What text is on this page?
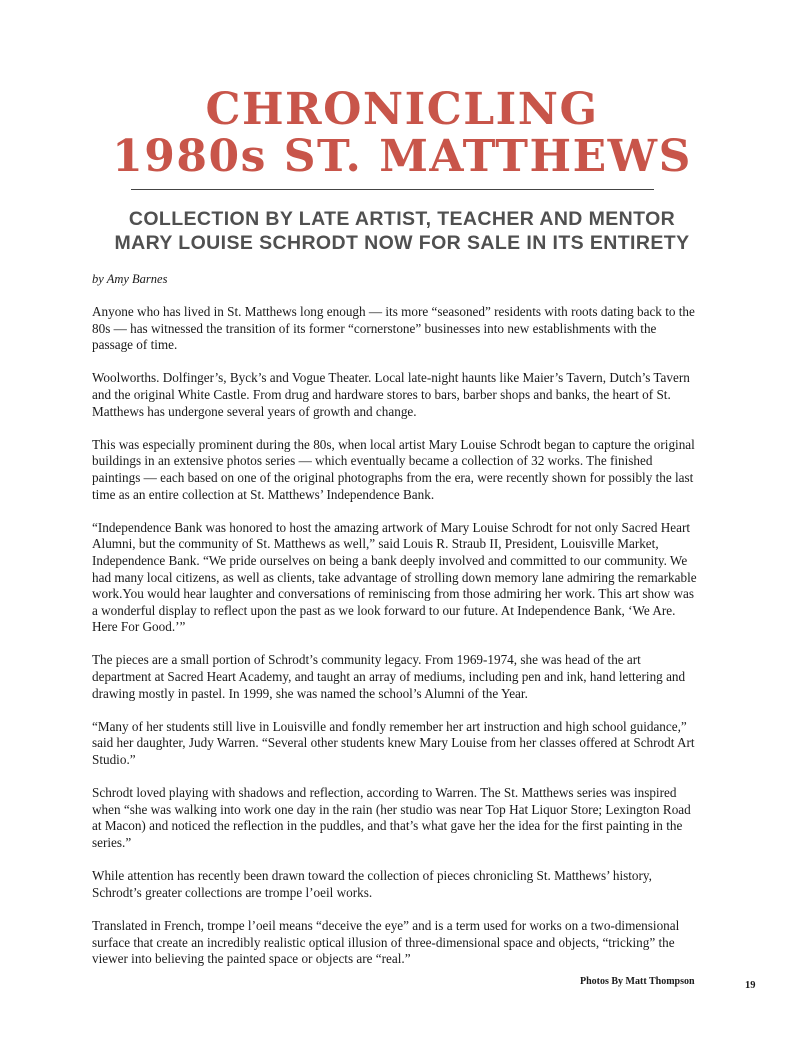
CHRONICLING
1980s ST. MATTHEWS
COLLECTION BY LATE ARTIST, TEACHER AND MENTOR
MARY LOUISE SCHRODT NOW FOR SALE IN ITS ENTIRETY

by Amy Barnes

Anyone who has lived in St. Matthews long enough — its more “seasoned” residents with roots dating back to the 80s — has witnessed the transition of its former “cornerstone” businesses into new establishments with the passage of time.

Woolworths. Dolfinger’s, Byck’s and Vogue Theater. Local late-night haunts like Maier’s Tavern, Dutch’s Tavern and the original White Castle. From drug and hardware stores to bars, barber shops and banks, the heart of St. Matthews has undergone several years of growth and change.

This was especially prominent during the 80s, when local artist Mary Louise Schrodt began to capture the original buildings in an extensive photos series — which eventually became a collection of 32 works. The finished paintings — each based on one of the original photographs from the era, were recently shown for possibly the last time as an entire collection at St. Matthews’ Independence Bank.

“Independence Bank was honored to host the amazing artwork of Mary Louise Schrodt for not only Sacred Heart Alumni, but the community of St. Matthews as well,” said Louis R. Straub II, President, Louisville Market, Independence Bank. “We pride ourselves on being a bank deeply involved and committed to our community. We had many local citizens, as well as clients, take advantage of strolling down memory lane admiring the remarkable work.You would hear laughter and conversations of reminiscing from those admiring her work. This art show was a wonderful display to reflect upon the past as we look forward to our future. At Independence Bank, ‘We Are. Here For Good.’”

The pieces are a small portion of Schrodt’s community legacy. From 1969-1974, she was head of the art department at Sacred Heart Academy, and taught an array of mediums, including pen and ink, hand lettering and drawing mostly in pastel. In 1999, she was named the school’s Alumni of the Year.

“Many of her students still live in Louisville and fondly remember her art instruction and high school guidance,” said her daughter, Judy Warren. “Several other students knew Mary Louise from her classes offered at Schrodt Art Studio.”

Schrodt loved playing with shadows and reflection, according to Warren. The St. Matthews series was inspired when “she was walking into work one day in the rain (her studio was near Top Hat Liquor Store; Lexington Road at Macon) and noticed the reflection in the puddles, and that’s what gave her the idea for the first painting in the series.”

While attention has recently been drawn toward the collection of pieces chronicling St. Matthews’ history, Schrodt’s greater collections are trompe l’oeil works.

Translated in French, trompe l’oeil means “deceive the eye” and is a term used for works on a two-dimensional surface that create an incredibly realistic optical illusion of three-dimensional space and objects, “tricking” the viewer into believing the painted space or objects are “real.”

Photos By Matt Thompson	19
